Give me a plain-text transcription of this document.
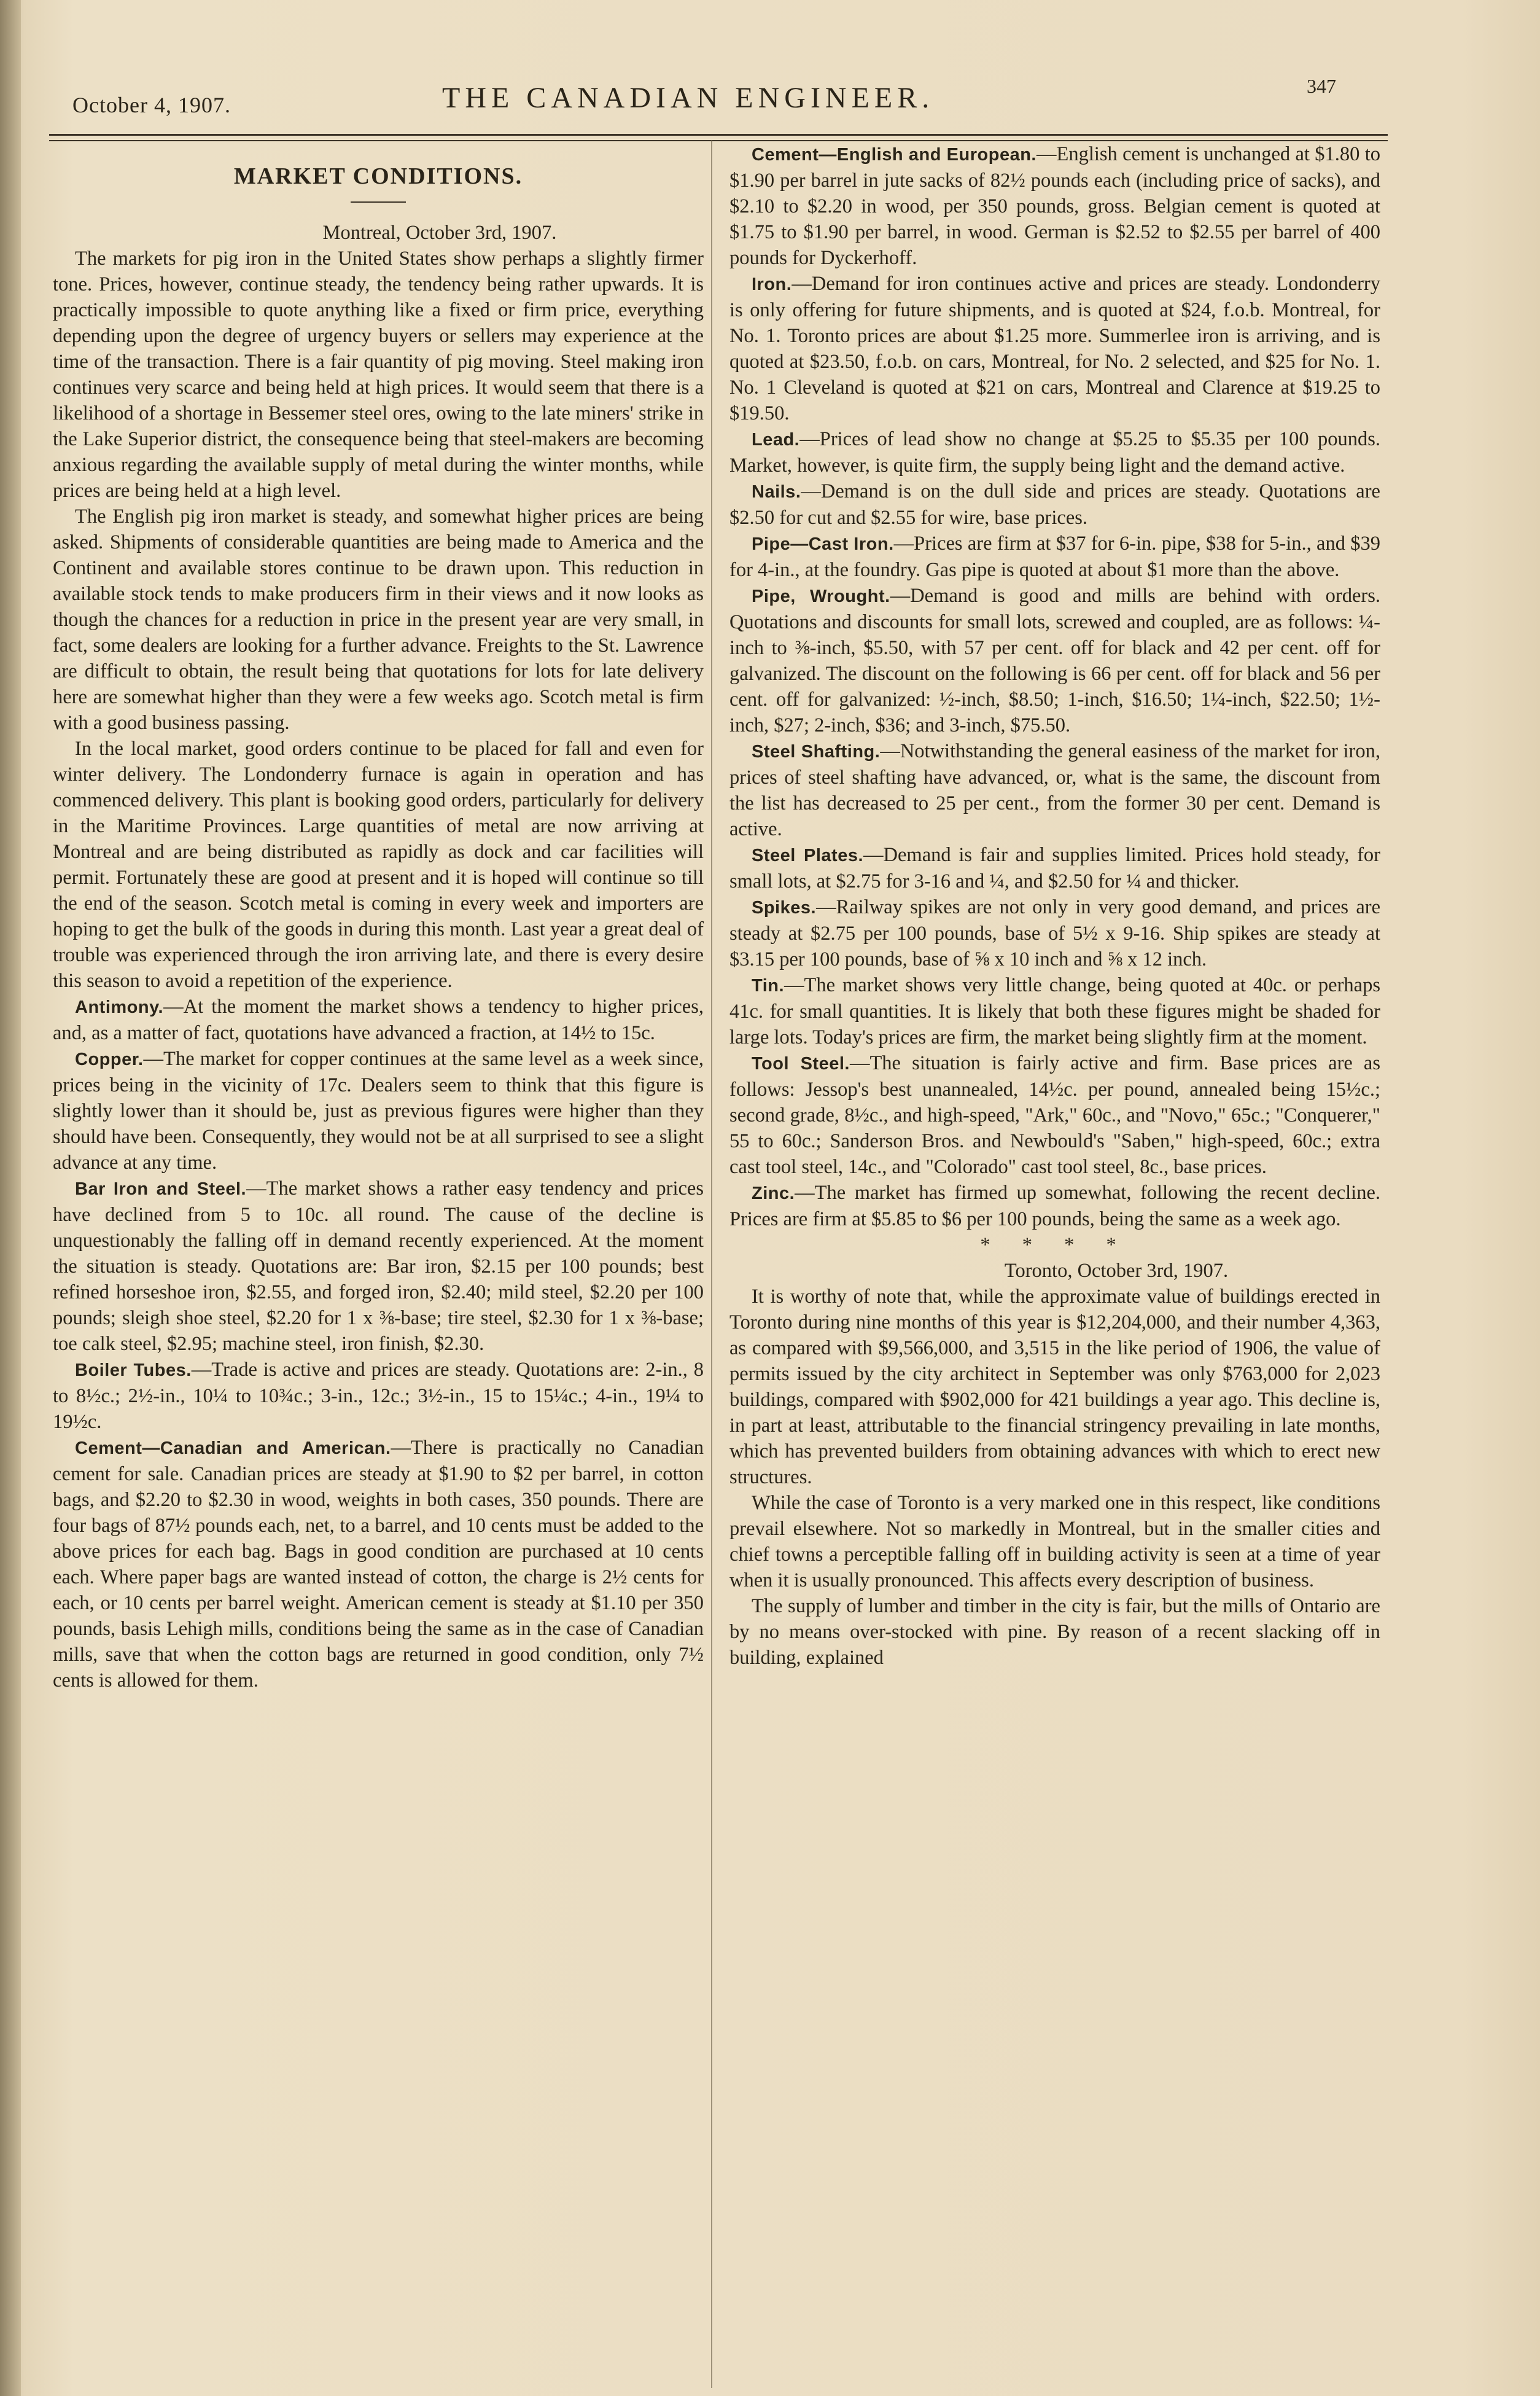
October 4, 1907.	THE CANADIAN ENGINEER.	347
MARKET CONDITIONS.

Montreal, October 3rd, 1907.

The markets for pig iron in the United States show perhaps a slightly firmer tone. Prices, however, continue steady, the tendency being rather upwards. It is practically impossible to quote anything like a fixed or firm price, everything depending upon the degree of urgency buyers or sellers may experience at the time of the transaction. There is a fair quantity of pig moving. Steel making iron continues very scarce and being held at high prices. It would seem that there is a likelihood of a shortage in Bessemer steel ores, owing to the late miners' strike in the Lake Superior district, the consequence being that steel-makers are becoming anxious regarding the available supply of metal during the winter months, while prices are being held at a high level.

The English pig iron market is steady, and somewhat higher prices are being asked. Shipments of considerable quantities are being made to America and the Continent and available stores continue to be drawn upon. This reduction in available stock tends to make producers firm in their views and it now looks as though the chances for a reduction in price in the present year are very small, in fact, some dealers are looking for a further advance. Freights to the St. Lawrence are difficult to obtain, the result being that quotations for lots for late delivery here are somewhat higher than they were a few weeks ago. Scotch metal is firm with a good business passing.

In the local market, good orders continue to be placed for fall and even for winter delivery. The Londonderry furnace is again in operation and has commenced delivery. This plant is booking good orders, particularly for delivery in the Maritime Provinces. Large quantities of metal are now arriving at Montreal and are being distributed as rapidly as dock and car facilities will permit. Fortunately these are good at present and it is hoped will continue so till the end of the season. Scotch metal is coming in every week and importers are hoping to get the bulk of the goods in during this month. Last year a great deal of trouble was experienced through the iron arriving late, and there is every desire this season to avoid a repetition of the experience.

Antimony.—At the moment the market shows a tendency to higher prices, and, as a matter of fact, quotations have advanced a fraction, at 14½ to 15c.

Copper.—The market for copper continues at the same level as a week since, prices being in the vicinity of 17c. Dealers seem to think that this figure is slightly lower than it should be, just as previous figures were higher than they should have been. Consequently, they would not be at all surprised to see a slight advance at any time.

Bar Iron and Steel.—The market shows a rather easy tendency and prices have declined from 5 to 10c. all round. The cause of the decline is unquestionably the falling off in demand recently experienced. At the moment the situation is steady. Quotations are: Bar iron, $2.15 per 100 pounds; best refined horseshoe iron, $2.55, and forged iron, $2.40; mild steel, $2.20 per 100 pounds; sleigh shoe steel, $2.20 for 1 x ⅜-base; tire steel, $2.30 for 1 x ⅜-base; toe calk steel, $2.95; machine steel, iron finish, $2.30.

Boiler Tubes.—Trade is active and prices are steady. Quotations are: 2-in., 8 to 8½c.; 2½-in., 10¼ to 10¾c.; 3-in., 12c.; 3½-in., 15 to 15¼c.; 4-in., 19¼ to 19½c.

Cement—Canadian and American.—There is practically no Canadian cement for sale. Canadian prices are steady at $1.90 to $2 per barrel, in cotton bags, and $2.20 to $2.30 in wood, weights in both cases, 350 pounds. There are four bags of 87½ pounds each, net, to a barrel, and 10 cents must be added to the above prices for each bag. Bags in good condition are purchased at 10 cents each. Where paper bags are wanted instead of cotton, the charge is 2½ cents for each, or 10 cents per barrel weight. American cement is steady at $1.10 per 350 pounds, basis Lehigh mills, conditions being the same as in the case of Canadian mills, save that when the cotton bags are returned in good condition, only 7½ cents is allowed for them.

Cement—English and European.—English cement is unchanged at $1.80 to $1.90 per barrel in jute sacks of 82½ pounds each (including price of sacks), and $2.10 to $2.20 in wood, per 350 pounds, gross. Belgian cement is quoted at $1.75 to $1.90 per barrel, in wood. German is $2.52 to $2.55 per barrel of 400 pounds for Dyckerhoff.

Iron.—Demand for iron continues active and prices are steady. Londonderry is only offering for future shipments, and is quoted at $24, f.o.b. Montreal, for No. 1. Toronto prices are about $1.25 more. Summerlee iron is arriving, and is quoted at $23.50, f.o.b. on cars, Montreal, for No. 2 selected, and $25 for No. 1. No. 1 Cleveland is quoted at $21 on cars, Montreal and Clarence at $19.25 to $19.50.

Lead.—Prices of lead show no change at $5.25 to $5.35 per 100 pounds. Market, however, is quite firm, the supply being light and the demand active.

Nails.—Demand is on the dull side and prices are steady. Quotations are $2.50 for cut and $2.55 for wire, base prices.

Pipe—Cast Iron.—Prices are firm at $37 for 6-in. pipe, $38 for 5-in., and $39 for 4-in., at the foundry. Gas pipe is quoted at about $1 more than the above.

Pipe, Wrought.—Demand is good and mills are behind with orders. Quotations and discounts for small lots, screwed and coupled, are as follows: ¼-inch to ⅜-inch, $5.50, with 57 per cent. off for black and 42 per cent. off for galvanized. The discount on the following is 66 per cent. off for black and 56 per cent. off for galvanized: ½-inch, $8.50; 1-inch, $16.50; 1¼-inch, $22.50; 1½-inch, $27; 2-inch, $36; and 3-inch, $75.50.

Steel Shafting.—Notwithstanding the general easiness of the market for iron, prices of steel shafting have advanced, or, what is the same, the discount from the list has decreased to 25 per cent., from the former 30 per cent. Demand is active.

Steel Plates.—Demand is fair and supplies limited. Prices hold steady, for small lots, at $2.75 for 3-16 and ¼, and $2.50 for ¼ and thicker.

Spikes.—Railway spikes are not only in very good demand, and prices are steady at $2.75 per 100 pounds, base of 5½ x 9-16. Ship spikes are steady at $3.15 per 100 pounds, base of ⅝ x 10 inch and ⅝ x 12 inch.

Tin.—The market shows very little change, being quoted at 40c. or perhaps 41c. for small quantities. It is likely that both these figures might be shaded for large lots. Today's prices are firm, the market being slightly firm at the moment.

Tool Steel.—The situation is fairly active and firm. Base prices are as follows: Jessop's best unannealed, 14½c. per pound, annealed being 15½c.; second grade, 8½c., and high-speed, "Ark," 60c., and "Novo," 65c.; "Conquerer," 55 to 60c.; Sanderson Bros. and Newbould's "Saben," high-speed, 60c.; extra cast tool steel, 14c., and "Colorado" cast tool steel, 8c., base prices.

Zinc.—The market has firmed up somewhat, following the recent decline. Prices are firm at $5.85 to $6 per 100 pounds, being the same as a week ago.

* * * *

Toronto, October 3rd, 1907.

It is worthy of note that, while the approximate value of buildings erected in Toronto during nine months of this year is $12,204,000, and their number 4,363, as compared with $9,566,000, and 3,515 in the like period of 1906, the value of permits issued by the city architect in September was only $763,000 for 2,023 buildings, compared with $902,000 for 421 buildings a year ago. This decline is, in part at least, attributable to the financial stringency prevailing in late months, which has prevented builders from obtaining advances with which to erect new structures.

While the case of Toronto is a very marked one in this respect, like conditions prevail elsewhere. Not so markedly in Montreal, but in the smaller cities and chief towns a perceptible falling off in building activity is seen at a time of year when it is usually pronounced. This affects every description of business.

The supply of lumber and timber in the city is fair, but the mills of Ontario are by no means over-stocked with pine. By reason of a recent slacking off in building, explained
